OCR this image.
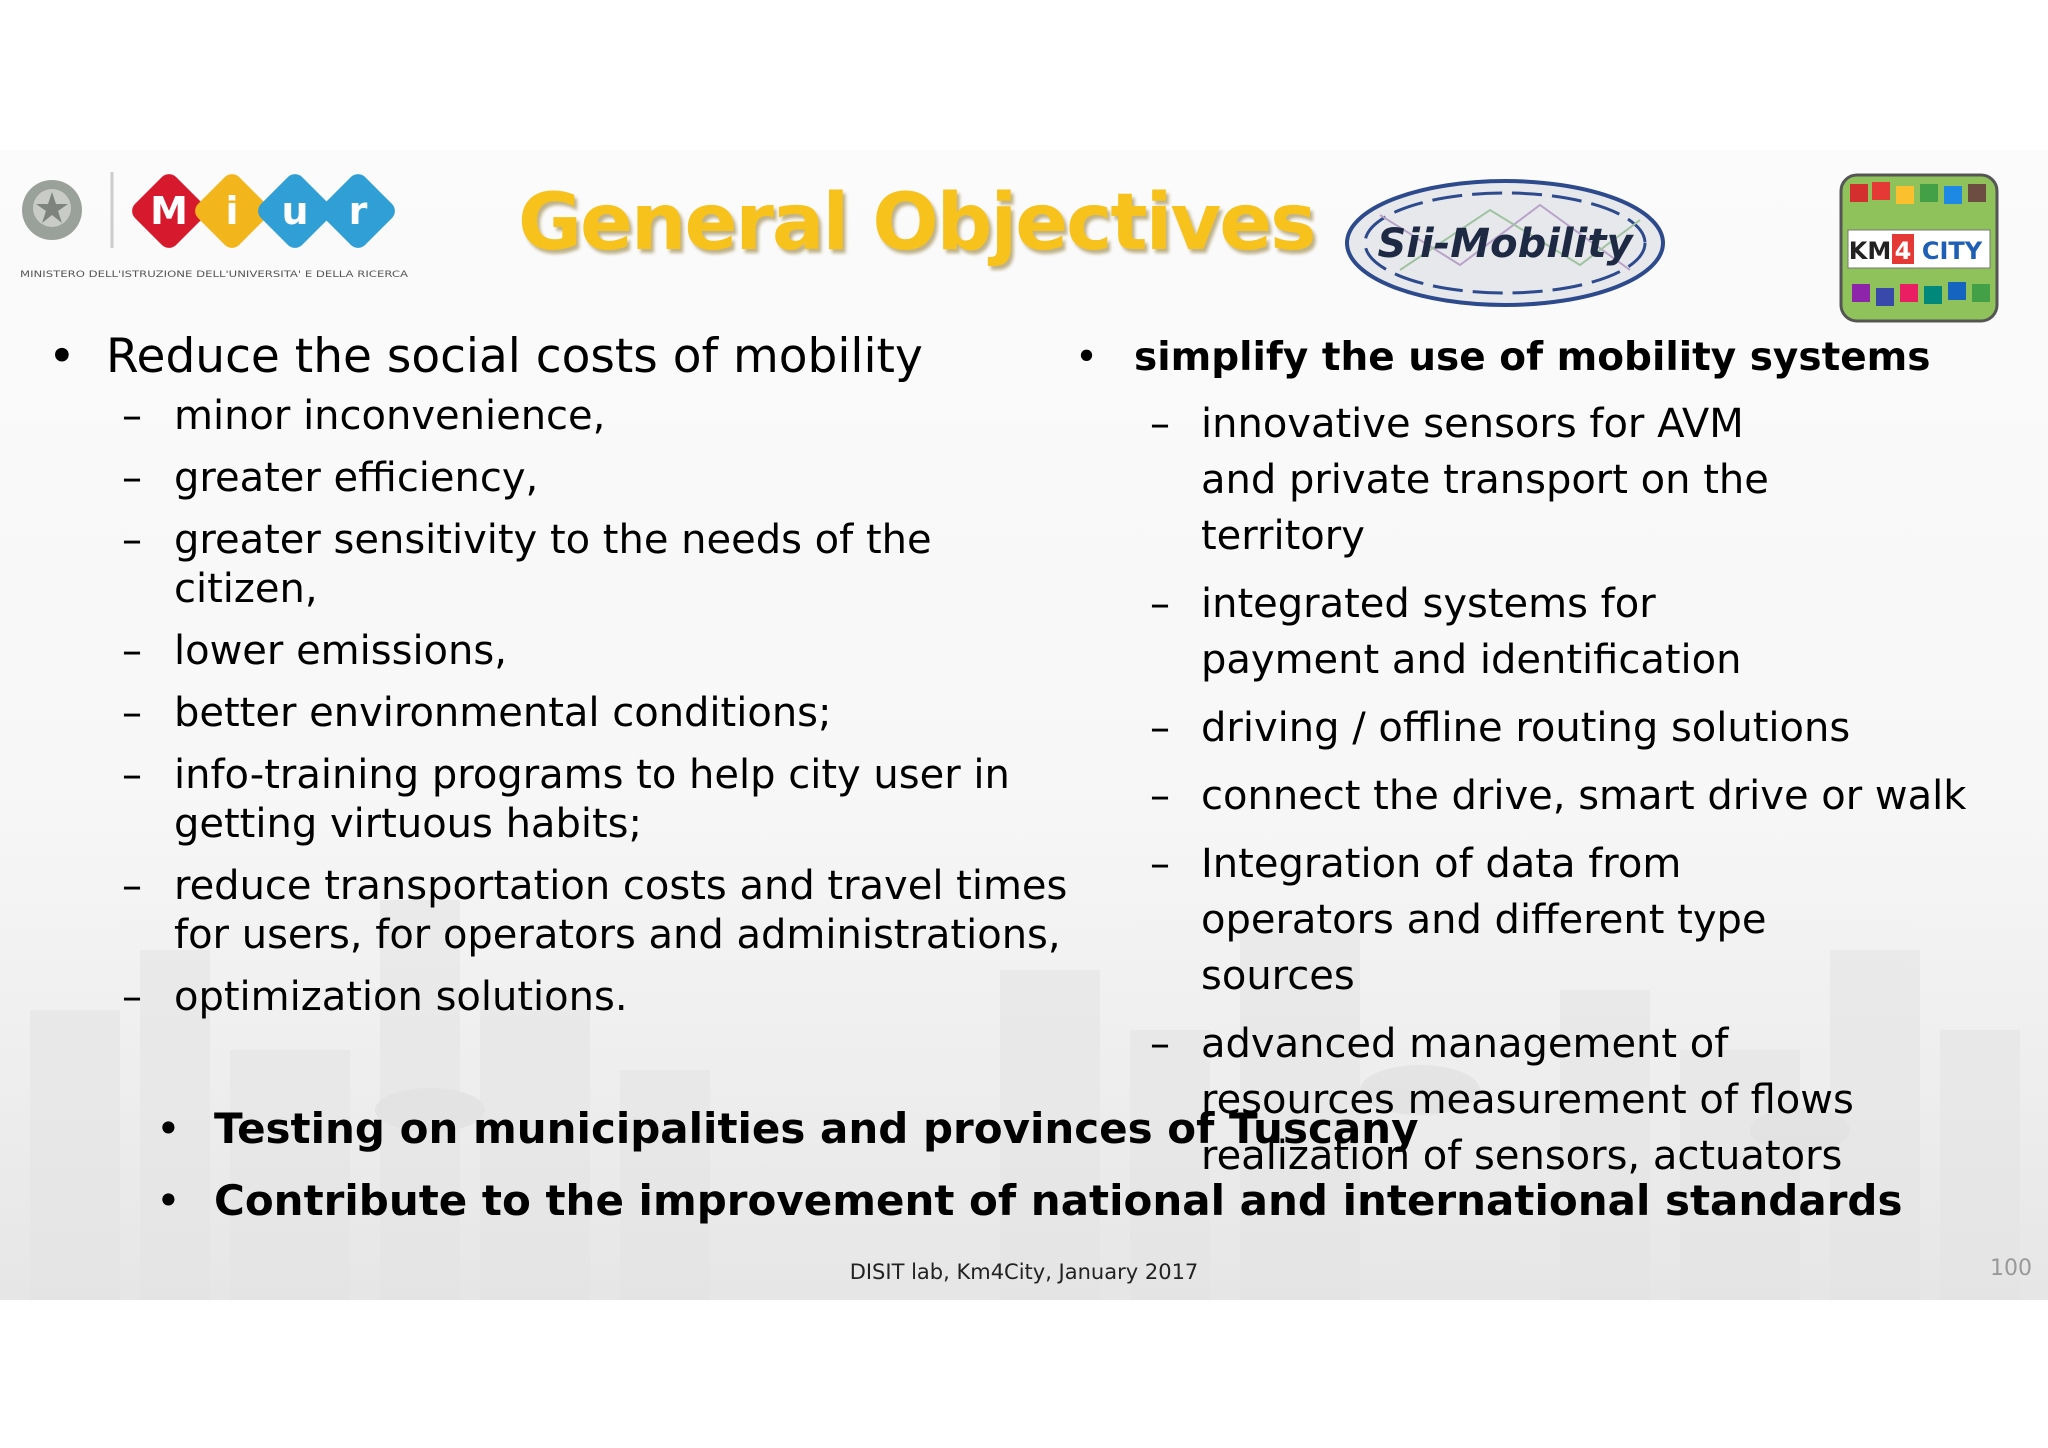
M i u r
MINISTERO DELL'ISTRUZIONE DELL'UNIVERSITA' E DELLA RICERCA
General Objectives Sii-Mobility	KM 4 CITY
• Reduce the social costs of mobility
– minor inconvenience,
– greater efficiency,
– greater sensitivity to the needs of the citizen,
– lower emissions,
– better environmental conditions;
– info-training programs to help city user in getting virtuous habits;
– reduce transportation costs and travel times for users, for operators and administrations,
– optimization solutions.
• simplify the use of mobility systems
– innovative sensors for AVM and private transport on the territory
– integrated systems for payment and identification
– driving / offline routing solutions
– connect the drive, smart drive or walk
– Integration of data from operators and different type sources
– advanced management of resources measurement of flows realization of sensors, actuators
• Testing on municipalities and provinces of Tuscany
• Contribute to the improvement of national and international standards
DISIT lab, Km4City, January 2017	100
